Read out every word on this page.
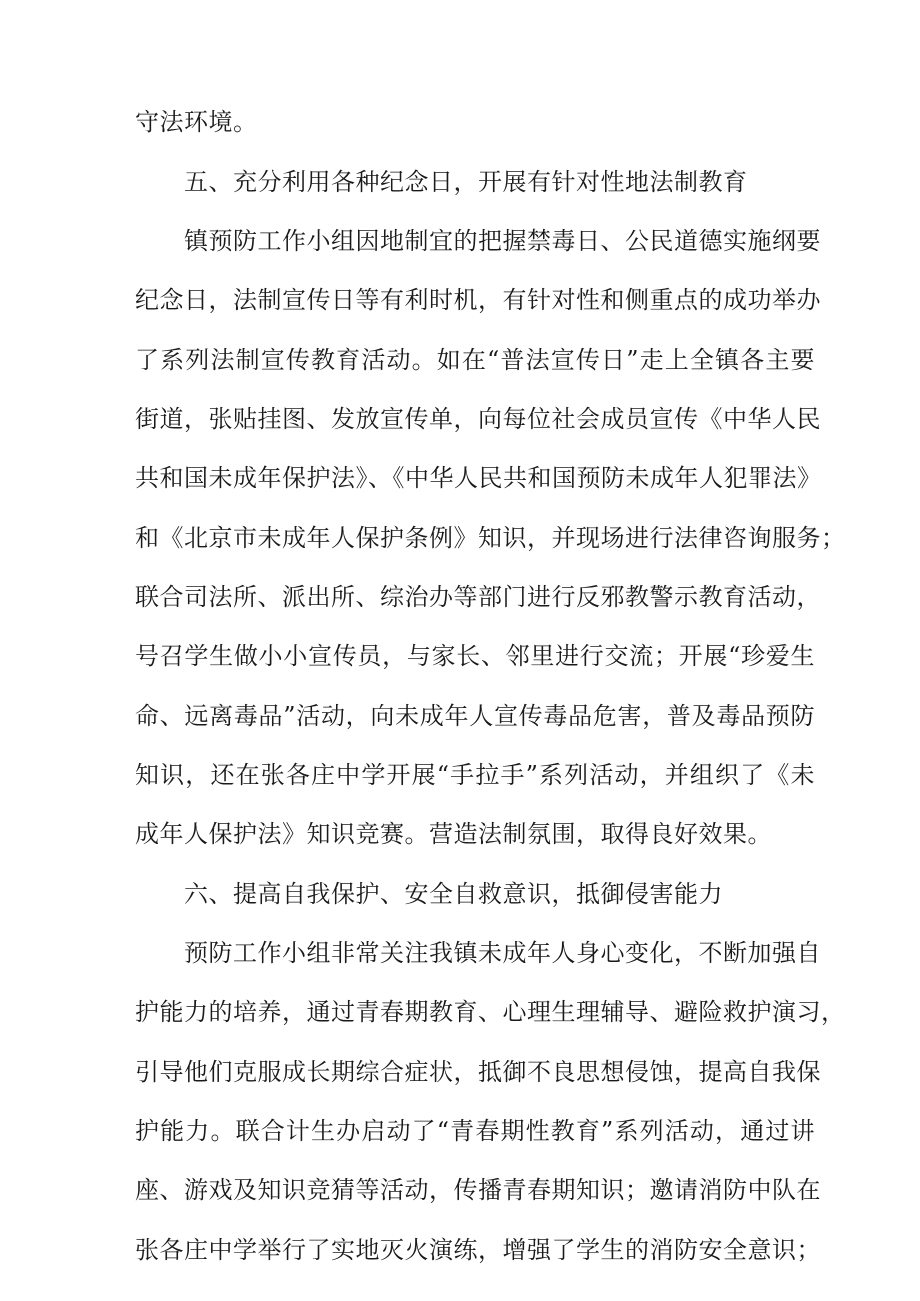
守法环境。

五、充分利用各种纪念日，开展有针对性地法制教育

镇预防工作小组因地制宜的把握禁毒日、公民道德实施纲要

纪念日，法制宣传日等有利时机，有针对性和侧重点的成功举办

了系列法制宣传教育活动。如在“普法宣传日”走上全镇各主要

街道，张贴挂图、发放宣传单，向每位社会成员宣传《中华人民

共和国未成年保护法》、《中华人民共和国预防未成年人犯罪法》

和《北京市未成年人保护条例》知识，并现场进行法律咨询服务；

联合司法所、派出所、综治办等部门进行反邪教警示教育活动，

号召学生做小小宣传员，与家长、邻里进行交流；开展“珍爱生

命、远离毒品”活动，向未成年人宣传毒品危害，普及毒品预防

知识，还在张各庄中学开展“手拉手”系列活动，并组织了《未

成年人保护法》知识竞赛。营造法制氛围，取得良好效果。

六、提高自我保护、安全自救意识，抵御侵害能力

预防工作小组非常关注我镇未成年人身心变化，不断加强自

护能力的培养，通过青春期教育、心理生理辅导、避险救护演习，

引导他们克服成长期综合症状，抵御不良思想侵蚀，提高自我保

护能力。联合计生办启动了“青春期性教育”系列活动，通过讲

座、游戏及知识竞猜等活动，传播青春期知识；邀请消防中队在

张各庄中学举行了实地灭火演练，增强了学生的消防安全意识；
